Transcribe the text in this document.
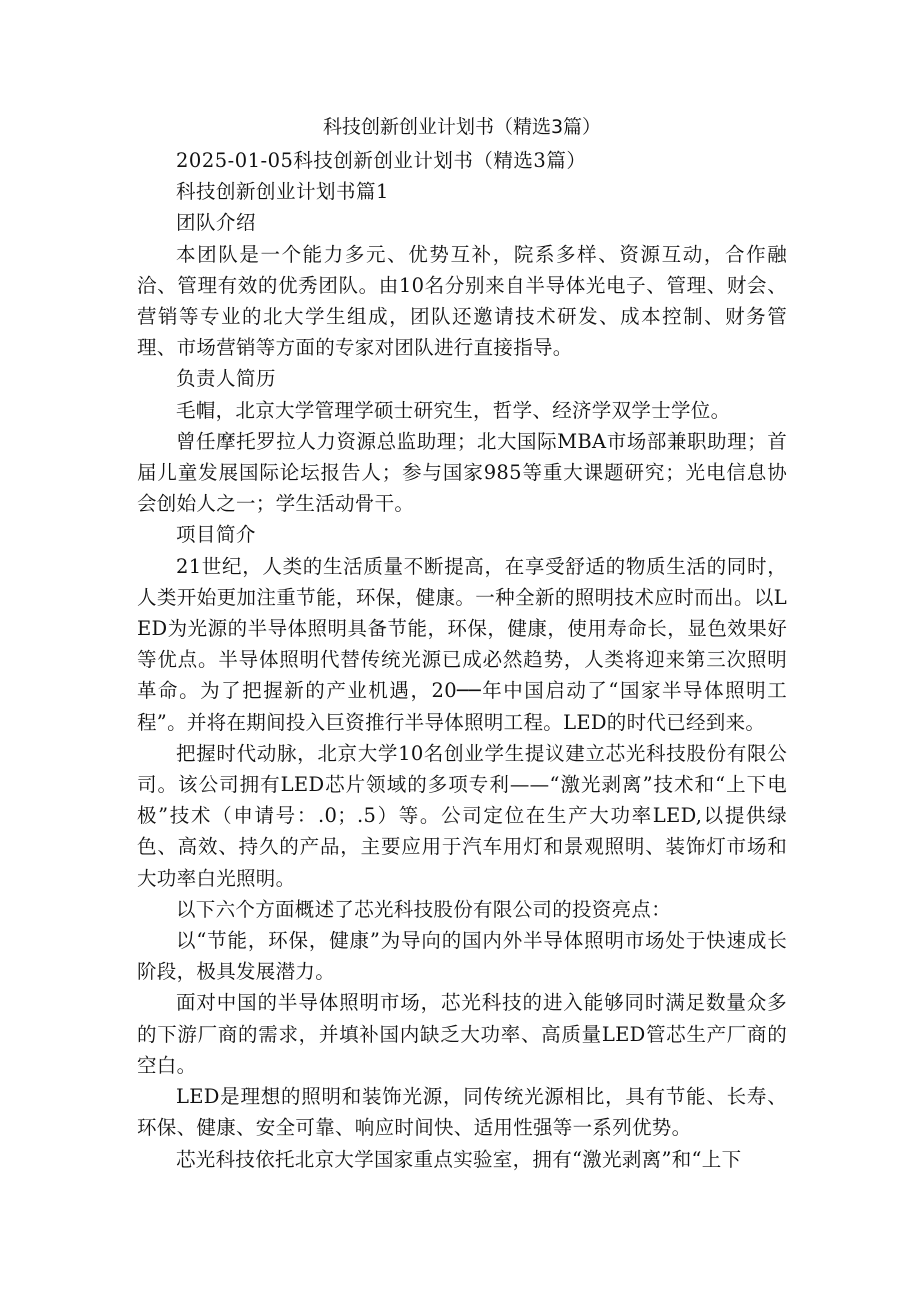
科技创新创业计划书（精选3篇）

2025-01-05科技创新创业计划书（精选3篇）

科技创新创业计划书篇1

团队介绍

本团队是一个能力多元、优势互补，院系多样、资源互动，合作融洽、管理有效的优秀团队。由10名分别来自半导体光电子、管理、财会、营销等专业的北大学生组成，团队还邀请技术研发、成本控制、财务管理、市场营销等方面的专家对团队进行直接指导。

负责人简历

毛帽，北京大学管理学硕士研究生，哲学、经济学双学士学位。

曾任摩托罗拉人力资源总监助理；北大国际MBA市场部兼职助理；首届儿童发展国际论坛报告人；参与国家985等重大课题研究；光电信息协会创始人之一；学生活动骨干。

项目简介

21世纪，人类的生活质量不断提高，在享受舒适的物质生活的同时，人类开始更加注重节能，环保，健康。一种全新的照明技术应时而出。以LED为光源的半导体照明具备节能，环保，健康，使用寿命长，显色效果好等优点。半导体照明代替传统光源已成必然趋势，人类将迎来第三次照明革命。为了把握新的产业机遇，20──年中国启动了“国家半导体照明工程”。并将在期间投入巨资推行半导体照明工程。LED的时代已经到来。

把握时代动脉，北京大学10名创业学生提议建立芯光科技股份有限公司。该公司拥有LED芯片领域的多项专利——“激光剥离”技术和“上下电极”技术（申请号：.0；.5）等。公司定位在生产大功率LED,以提供绿色、高效、持久的产品，主要应用于汽车用灯和景观照明、装饰灯市场和大功率白光照明。

以下六个方面概述了芯光科技股份有限公司的投资亮点：

以“节能，环保，健康”为导向的国内外半导体照明市场处于快速成长阶段，极具发展潜力。

面对中国的半导体照明市场，芯光科技的进入能够同时满足数量众多的下游厂商的需求，并填补国内缺乏大功率、高质量LED管芯生产厂商的空白。

LED是理想的照明和装饰光源，同传统光源相比，具有节能、长寿、环保、健康、安全可靠、响应时间快、适用性强等一系列优势。

芯光科技依托北京大学国家重点实验室，拥有“激光剥离”和“上下
